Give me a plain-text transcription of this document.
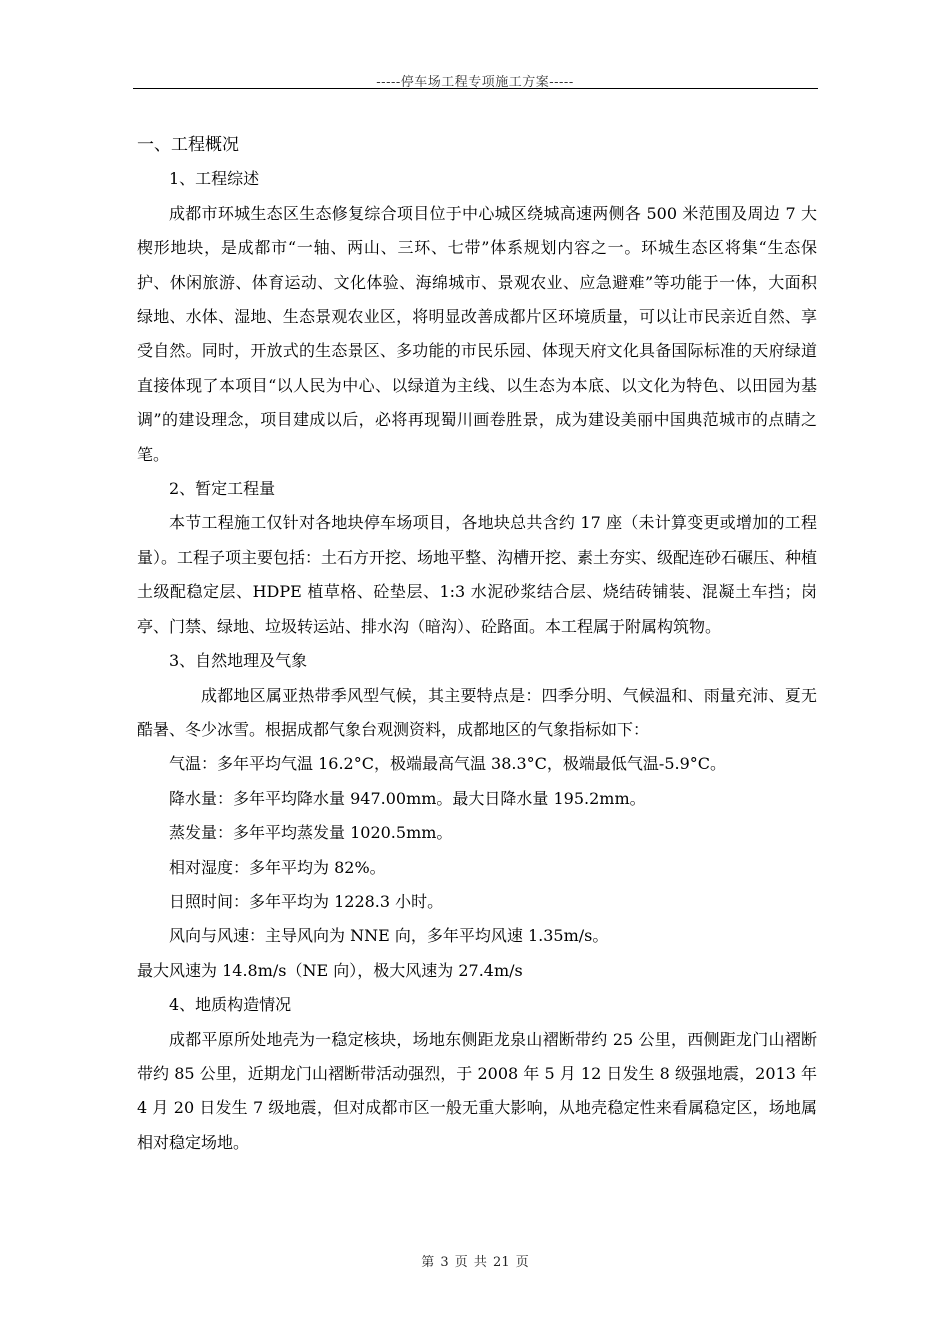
-----停车场工程专项施工方案-----

一、工程概况

1、工程综述

成都市环城生态区生态修复综合项目位于中心城区绕城高速两侧各 500 米范围及周边 7 大楔形地块，是成都市“一轴、两山、三环、七带”体系规划内容之一。环城生态区将集“生态保护、休闲旅游、体育运动、文化体验、海绵城市、景观农业、应急避难”等功能于一体，大面积绿地、水体、湿地、生态景观农业区，将明显改善成都片区环境质量，可以让市民亲近自然、享受自然。同时，开放式的生态景区、多功能的市民乐园、体现天府文化具备国际标准的天府绿道直接体现了本项目“以人民为中心、以绿道为主线、以生态为本底、以文化为特色、以田园为基调”的建设理念，项目建成以后，必将再现蜀川画卷胜景，成为建设美丽中国典范城市的点睛之笔。

2、暂定工程量

本节工程施工仅针对各地块停车场项目，各地块总共含约 17 座（未计算变更或增加的工程量）。工程子项主要包括：土石方开挖、场地平整、沟槽开挖、素土夯实、级配连砂石碾压、种植土级配稳定层、HDPE 植草格、砼垫层、1:3 水泥砂浆结合层、烧结砖铺装、混凝土车挡；岗亭、门禁、绿地、垃圾转运站、排水沟（暗沟）、砼路面。本工程属于附属构筑物。

3、自然地理及气象

成都地区属亚热带季风型气候，其主要特点是：四季分明、气候温和、雨量充沛、夏无酷暑、冬少冰雪。根据成都气象台观测资料，成都地区的气象指标如下：

气温：多年平均气温 16.2°C，极端最高气温 38.3°C，极端最低气温-5.9°C。

降水量：多年平均降水量 947.00mm。最大日降水量 195.2mm。

蒸发量：多年平均蒸发量 1020.5mm。

相对湿度：多年平均为 82%。

日照时间：多年平均为 1228.3 小时。

风向与风速：主导风向为 NNE 向，多年平均风速 1.35m/s。

最大风速为 14.8m/s（NE 向），极大风速为 27.4m/s

4、地质构造情况

成都平原所处地壳为一稳定核块，场地东侧距龙泉山褶断带约 25 公里，西侧距龙门山褶断带约 85 公里，近期龙门山褶断带活动强烈，于 2008 年 5 月 12 日发生 8 级强地震，2013 年 4 月 20 日发生 7 级地震，但对成都市区一般无重大影响，从地壳稳定性来看属稳定区，场地属相对稳定场地。

第 3 页 共 21 页
